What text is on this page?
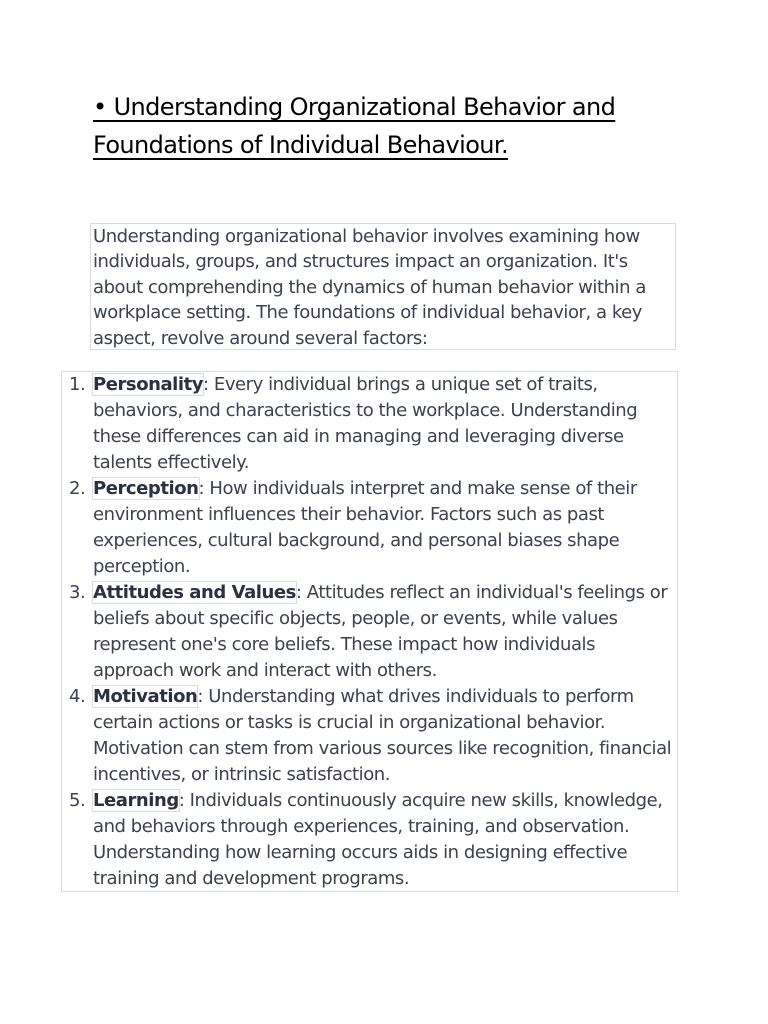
• Understanding Organizational Behavior and Foundations of Individual Behaviour.

Understanding organizational behavior involves examining how individuals, groups, and structures impact an organization. It's about comprehending the dynamics of human behavior within a workplace setting. The foundations of individual behavior, a key aspect, revolve around several factors:

1. Personality: Every individual brings a unique set of traits, behaviors, and characteristics to the workplace. Understanding these differences can aid in managing and leveraging diverse talents effectively.
2. Perception: How individuals interpret and make sense of their environment influences their behavior. Factors such as past experiences, cultural background, and personal biases shape perception.
3. Attitudes and Values: Attitudes reflect an individual's feelings or beliefs about specific objects, people, or events, while values represent one's core beliefs. These impact how individuals approach work and interact with others.
4. Motivation: Understanding what drives individuals to perform certain actions or tasks is crucial in organizational behavior. Motivation can stem from various sources like recognition, financial incentives, or intrinsic satisfaction.
5. Learning: Individuals continuously acquire new skills, knowledge, and behaviors through experiences, training, and observation. Understanding how learning occurs aids in designing effective training and development programs.
